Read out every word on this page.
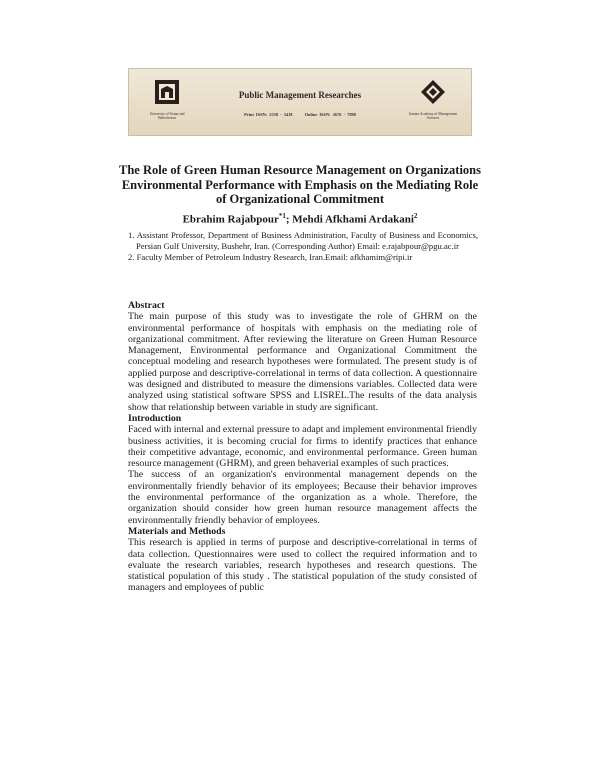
University of Sistan and Baluchestan
Public Management Researches
Print ISSN: 2538 - 3418	Online ISSN: 2676 - 7880	Iranian Academy of Management Sciences
The Role of Green Human Resource Management on Organizations Environmental Performance with Emphasis on the Mediating Role of Organizational Commitment
Ebrahim Rajabpour$^{*1}$; Mehdi Afkhami Ardakani$^2$

1. Assistant Professor, Department of Business Administration, Faculty of Business and Economics, Persian Gulf University, Bushehr, Iran. (Corresponding Author) Email: e.rajabpour@pgu.ac.ir

2. Faculty Member of Petroleum Industry Research, Iran.Email: afkhamim@ripi.ir

Abstract

The main purpose of this study was to investigate the role of GHRM on the environmental performance of hospitals with emphasis on the mediating role of organizational commitment. After reviewing the literature on Green Human Resource Management, Environmental performance and Organizational Commitment the conceptual modeling and research hypotheses were formulated. The present study is of applied purpose and descriptive-correlational in terms of data collection. A questionnaire was designed and distributed to measure the dimensions variables. Collected data were analyzed using statistical software SPSS and LISREL.The results of the data analysis show that relationship between variable in study are significant.

Introduction

Faced with internal and external pressure to adapt and implement environmental friendly business activities, it is becoming crucial for firms to identify practices that enhance their competitive advantage, economic, and environmental performance. Green human resource management (GHRM), and green behaverial examples of such practices.

The success of an organization's environmental management depends on the environmentally friendly behavior of its employees; Because their behavior improves the environmental performance of the organization as a whole. Therefore, the organization should consider how green human resource management affects the environmentally friendly behavior of employees.

Materials and Methods

This research is applied in terms of purpose and descriptive-correlational in terms of data collection. Questionnaires were used to collect the required information and to evaluate the research variables, research hypotheses and research questions. The statistical population of this study . The statistical population of the study consisted of managers and employees of public
